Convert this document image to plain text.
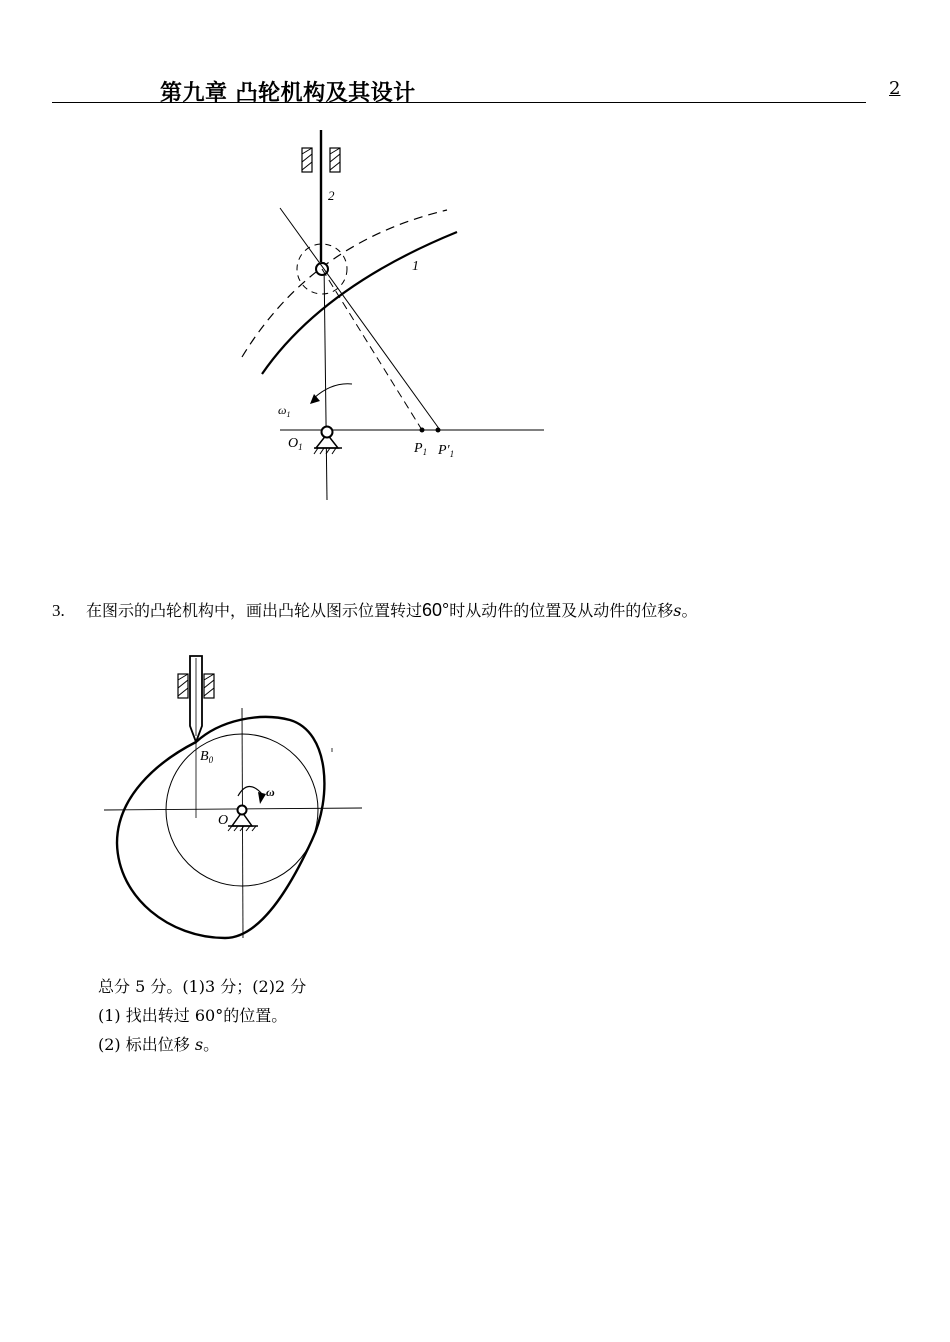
第九章 凸轮机构及其设计	2
2
1
$\omega_1$
$O_1$	$P_1$ $P'_1$
3. 在图示的凸轮机构中，画出凸轮从图示位置转过60°时从动件的位置及从动件的位移s。
$B_0$
O
ω
总分 5 分。(1)3 分；(2)2 分
(1) 找出转过 60°的位置。
(2) 标出位移 s。
